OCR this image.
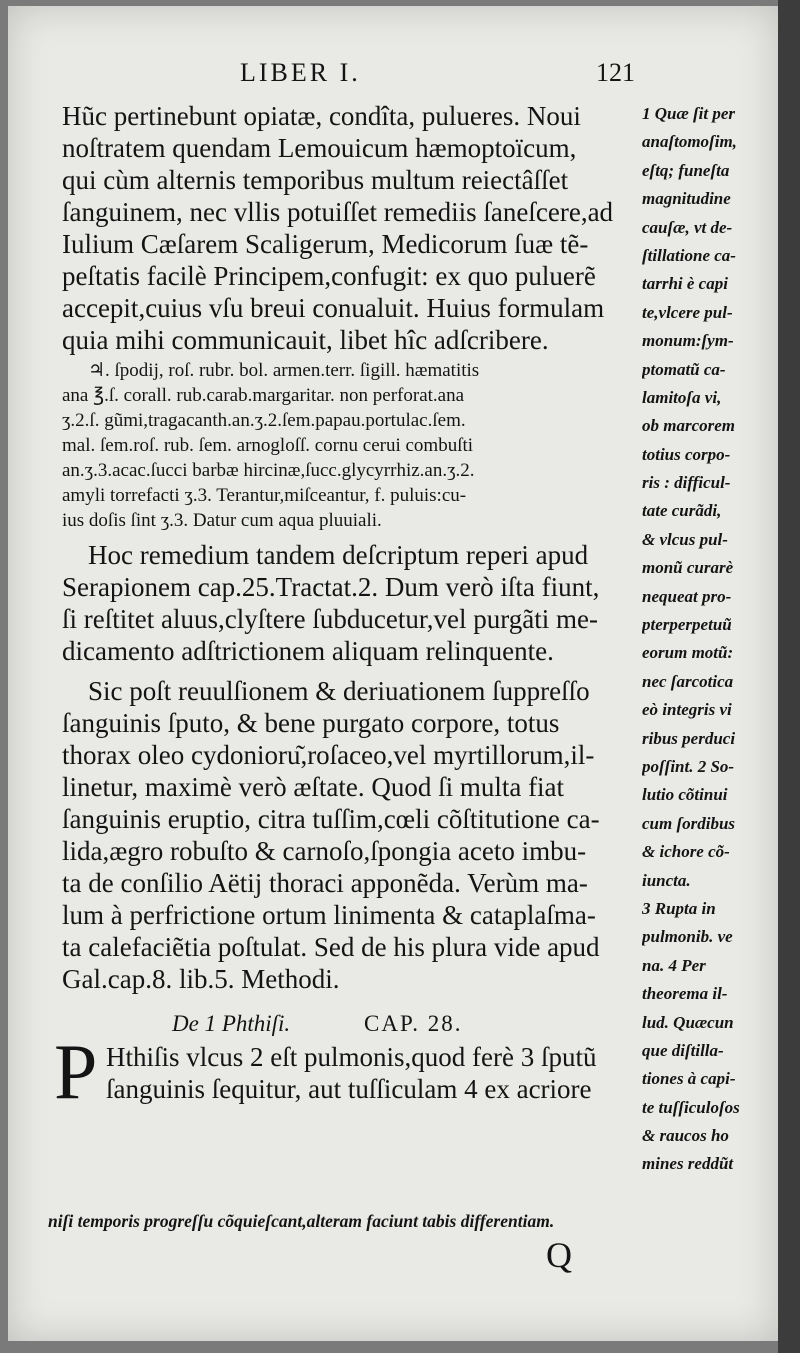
LIBER I.	121
Hũc pertinebunt opiatæ, condîta, pulueres. Noui
noſtratem quendam Lemouicum hæmoptoïcum,
qui cùm alternis temporibus multum reiectâſſet
ſanguinem, nec vllis potuiſſet remediis ſaneſcere,ad
Iulium Cæſarem Scaligerum, Medicorum ſuæ tẽ-
peſtatis facilè Principem,confugit: ex quo puluerẽ
accepit,cuius vſu breui conualuit. Huius formulam
quia mihi communicauit, libet hîc adſcribere.
♃. ſpodij, roſ. rubr. bol. armen.terr. ſigill. hæmatitis
ana ℥.ſ. corall. rub.carab.margaritar. non perforat.ana
ʒ.2.ſ. gũmi,tragacanth.an.ʒ.2.ſem.papau.portulac.ſem.
mal. ſem.roſ. rub. ſem. arnogloſſ. cornu cerui combuſti
an.ʒ.3.acac.ſucci barbæ hircinæ,ſucc.glycyrrhiz.an.ʒ.2.
amyli torrefacti ʒ.3. Terantur,miſceantur, f. puluis:cu-
ius doſis ſint ʒ.3. Datur cum aqua pluuiali.
Hoc remedium tandem deſcriptum reperi apud
Serapionem cap.25.Tractat.2. Dum verò iſta fiunt,
ſi reſtitet aluus,clyſtere ſubducetur,vel purgãti me-
dicamento adſtrictionem aliquam relinquente.
Sic poſt reuulſionem & deriuationem ſuppreſſo
ſanguinis ſputo, & bene purgato corpore, totus
thorax oleo cydonioru͂,roſaceo,vel myrtillorum,il-
linetur, maximè verò æſtate. Quod ſi multa fiat
ſanguinis eruptio, citra tuſſim,cœli cõſtitutione ca-
lida,ægro robuſto & carnoſo,ſpongia aceto imbu-
ta de conſilio Aëtij thoraci apponẽda. Verùm ma-
lum à perfrictione ortum linimenta & cataplaſma-
ta calefaciẽtia poſtulat. Sed de his plura vide apud
Gal.cap.8. lib.5. Methodi.
De 1 Phthiſi.	CAP. 28.
P Hthiſis vlcus 2 eſt pulmonis,quod ferè 3 ſputũ
ſanguinis ſequitur, aut tuſſiculam 4 ex acriore
1 Quæ ſit per
anaſtomoſim,
eſtq; funeſta
magnitudine
cauſæ, vt de-
ſtillatione ca-
tarrhi è capi
te,vlcere pul-
monum:ſym-
ptomatũ ca-
lamitoſa vi,
ob marcorem
totius corpo-
ris : difficul-
tate curãdi,
& vlcus pul-
monũ curarè
nequeat pro-
pterperpetuũ
eorum motũ:
nec ſarcotica
eò integris vi
ribus perduci
poſſint. 2 So-
lutio cõtinui
cum ſordibus
& ichore cõ-
iuncta.
3 Rupta in
pulmonib. ve
na. 4 Per
theorema il-
lud. Quæcun
que diſtilla-
tiones à capi-
te tuſſiculoſos
& raucos ho
mines reddũt
niſi temporis progreſſu cõquieſcant,alteram faciunt tabis differentiam.
Q
